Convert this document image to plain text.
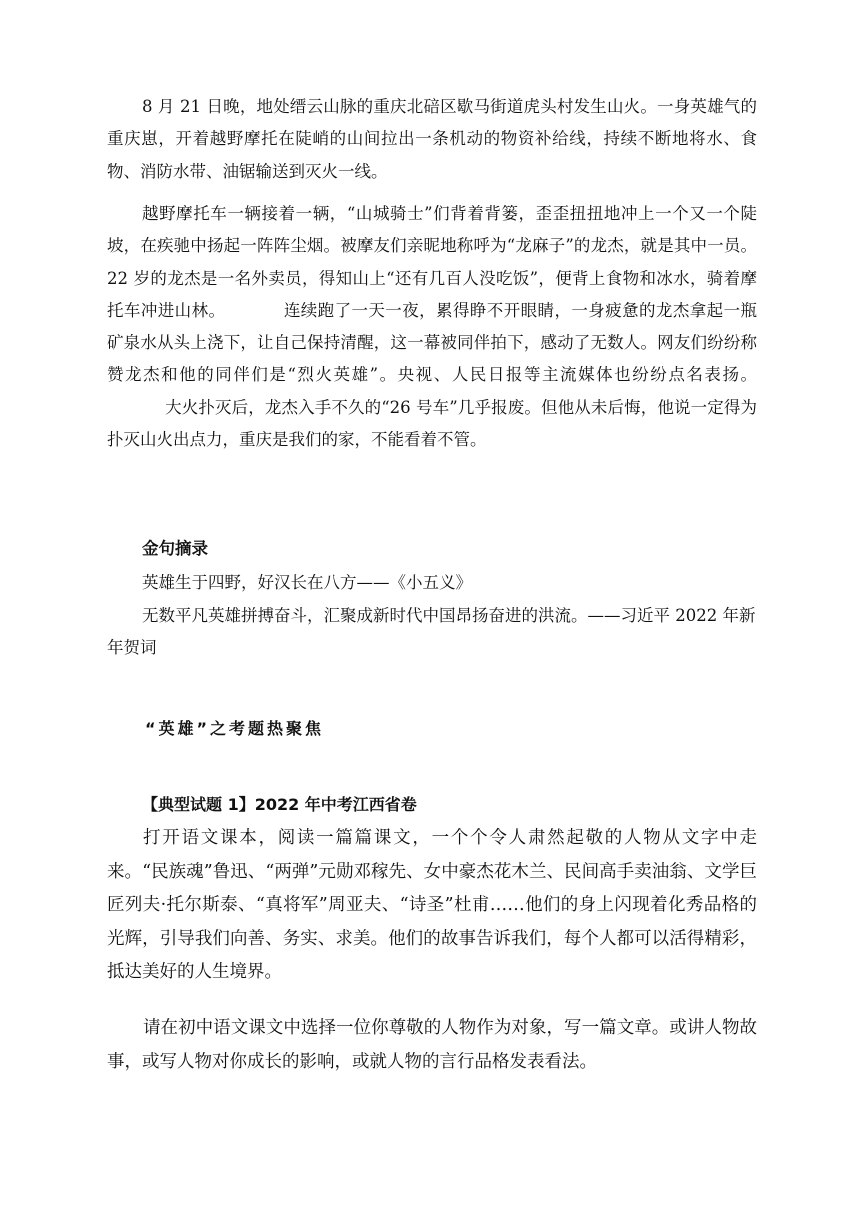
8 月 21 日晚，地处缙云山脉的重庆北碚区歇马街道虎头村发生山火。一身英雄气的重庆崽，开着越野摩托在陡峭的山间拉出一条机动的物资补给线，持续不断地将水、食物、消防水带、油锯输送到灭火一线。

越野摩托车一辆接着一辆，“山城骑士”们背着背篓，歪歪扭扭地冲上一个又一个陡坡，在疾驰中扬起一阵阵尘烟。被摩友们亲昵地称呼为“龙麻子”的龙杰，就是其中一员。22 岁的龙杰是一名外卖员，得知山上“还有几百人没吃饭”，便背上食物和冰水，骑着摩托车冲进山林。	连续跑了一天一夜，累得睁不开眼睛，一身疲惫的龙杰拿起一瓶矿泉水从头上浇下，让自己保持清醒，这一幕被同伴拍下，感动了无数人。网友们纷纷称赞龙杰和他的同伴们是“烈火英雄”。央视、人民日报等主流媒体也纷纷点名表扬。大火扑灭后，龙杰入手不久的“26 号车”几乎报废。但他从未后悔，他说一定得为扑灭山火出点力，重庆是我们的家，不能看着不管。

金句摘录

英雄生于四野，好汉长在八方——《小五义》

无数平凡英雄拼搏奋斗，汇聚成新时代中国昂扬奋进的洪流。——习近平 2022 年新年贺词

“英雄”之考题热聚焦

【典型试题 1】2022 年中考江西省卷

打开语文课本，阅读一篇篇课文，一个个令人肃然起敬的人物从文字中走来。“民族魂”鲁迅、“两弹”元勋邓稼先、女中豪杰花木兰、民间高手卖油翁、文学巨匠列夫·托尔斯泰、“真将军”周亚夫、“诗圣”杜甫……他们的身上闪现着化秀品格的光辉，引导我们向善、务实、求美。他们的故事告诉我们，每个人都可以活得精彩，抵达美好的人生境界。

请在初中语文课文中选择一位你尊敬的人物作为对象，写一篇文章。或讲人物故事，或写人物对你成长的影响，或就人物的言行品格发表看法。
